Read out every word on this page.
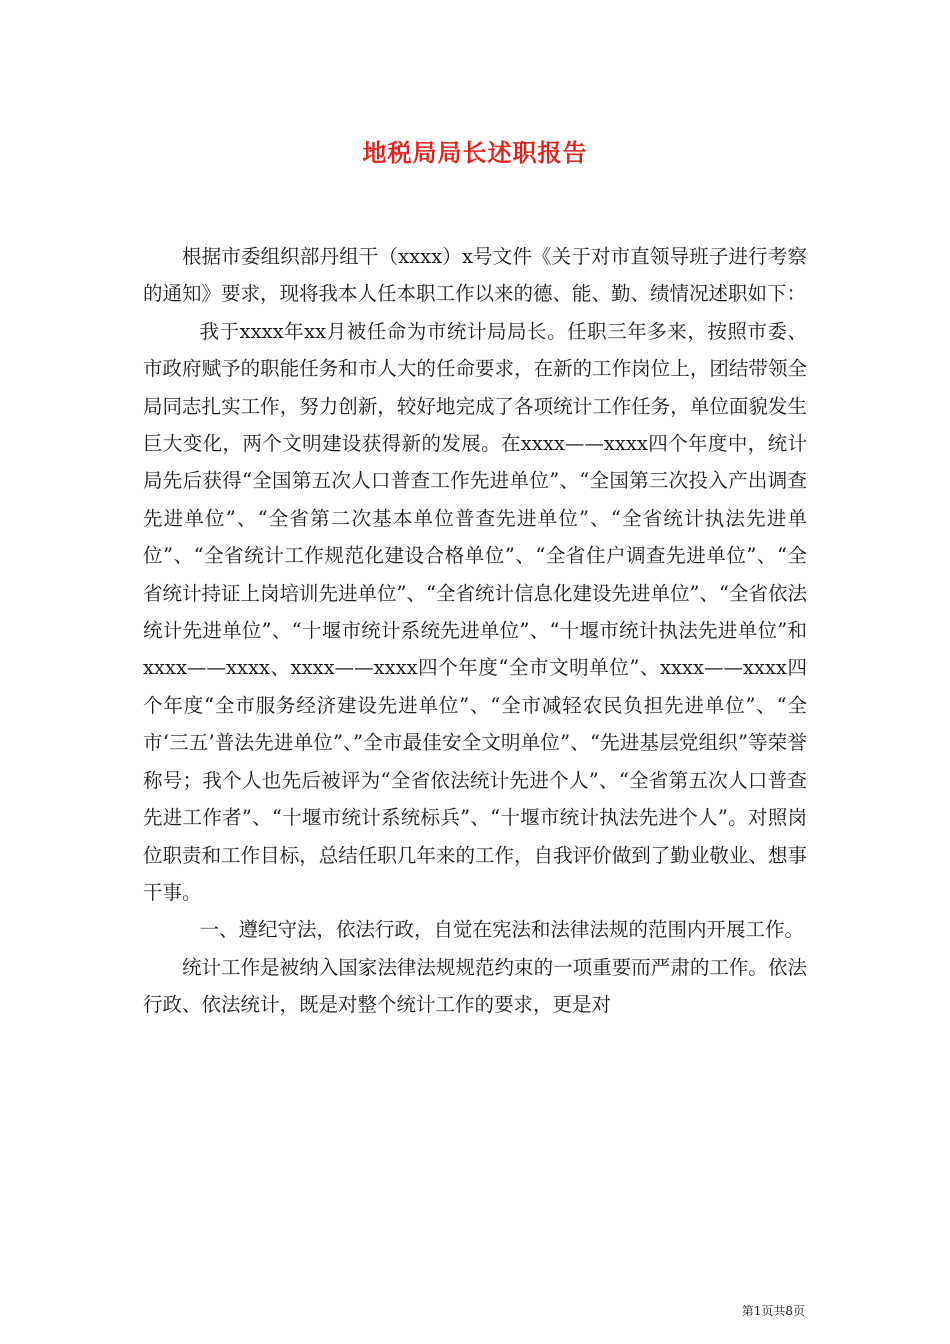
地税局局长述职报告

根据市委组织部丹组干（xxxx）x号文件《关于对市直领导班子进行考察的通知》要求，现将我本人任本职工作以来的德、能、勤、绩情况述职如下：

我于xxxx年xx月被任命为市统计局局长。任职三年多来，按照市委、市政府赋予的职能任务和市人大的任命要求，在新的工作岗位上，团结带领全局同志扎实工作，努力创新，较好地完成了各项统计工作任务，单位面貌发生巨大变化，两个文明建设获得新的发展。在xxxx——xxxx四个年度中，统计局先后获得“全国第五次人口普查工作先进单位”、“全国第三次投入产出调查先进单位”、“全省第二次基本单位普查先进单位”、“全省统计执法先进单位”、“全省统计工作规范化建设合格单位”、“全省住户调查先进单位”、“全省统计持证上岗培训先进单位”、“全省统计信息化建设先进单位”、“全省依法统计先进单位”、“十堰市统计系统先进单位”、“十堰市统计执法先进单位”和xxxx——xxxx、xxxx——xxxx四个年度“全市文明单位”、xxxx——xxxx四个年度“全市服务经济建设先进单位”、“全市减轻农民负担先进单位”、“全市‘三五’普法先进单位”、”全市最佳安全文明单位”、“先进基层党组织”等荣誉称号；我个人也先后被评为“全省依法统计先进个人”、“全省第五次人口普查先进工作者”、“十堰市统计系统标兵”、“十堰市统计执法先进个人”。对照岗位职责和工作目标，总结任职几年来的工作，自我评价做到了勤业敬业、想事干事。

一、遵纪守法，依法行政，自觉在宪法和法律法规的范围内开展工作。

统计工作是被纳入国家法律法规规范约束的一项重要而严肃的工作。依法行政、依法统计，既是对整个统计工作的要求，更是对

第1页共8页
